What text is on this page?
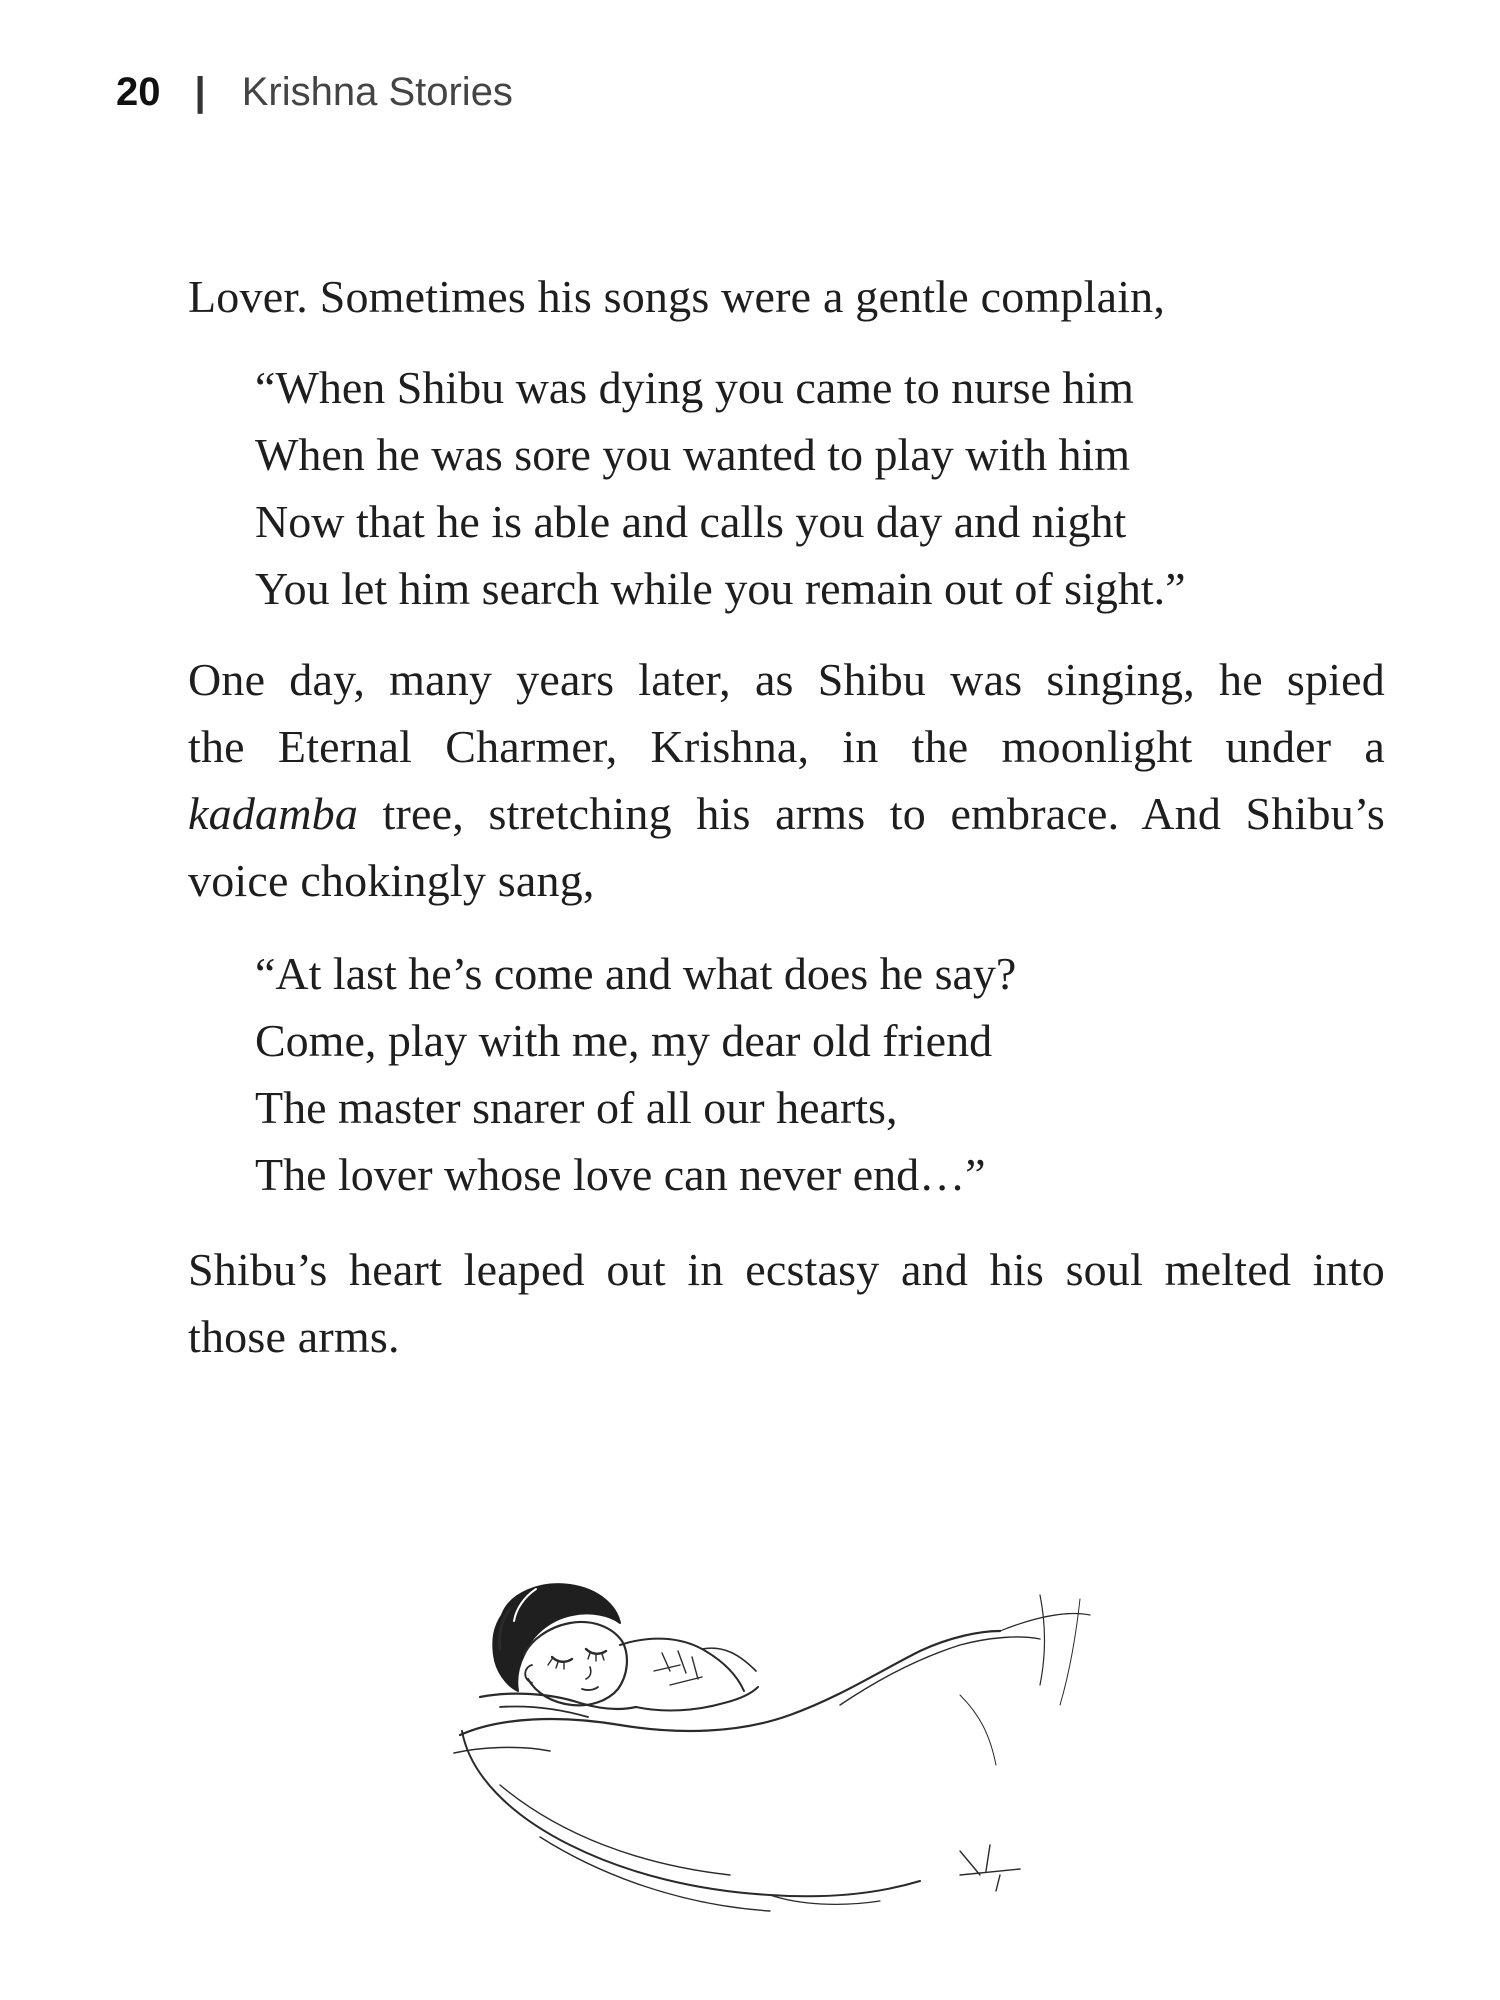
20 | Krishna Stories
Lover. Sometimes his songs were a gentle complain,
“When Shibu was dying you came to nurse him
When he was sore you wanted to play with him
Now that he is able and calls you day and night
You let him search while you remain out of sight.”
One day, many years later, as Shibu was singing, he spied
the Eternal Charmer, Krishna, in the moonlight under a
kadamba tree, stretching his arms to embrace. And Shibu’s
voice chokingly sang,
“At last he’s come and what does he say?
Come, play with me, my dear old friend
The master snarer of all our hearts,
The lover whose love can never end…”
Shibu’s heart leaped out in ecstasy and his soul melted into
those arms.
